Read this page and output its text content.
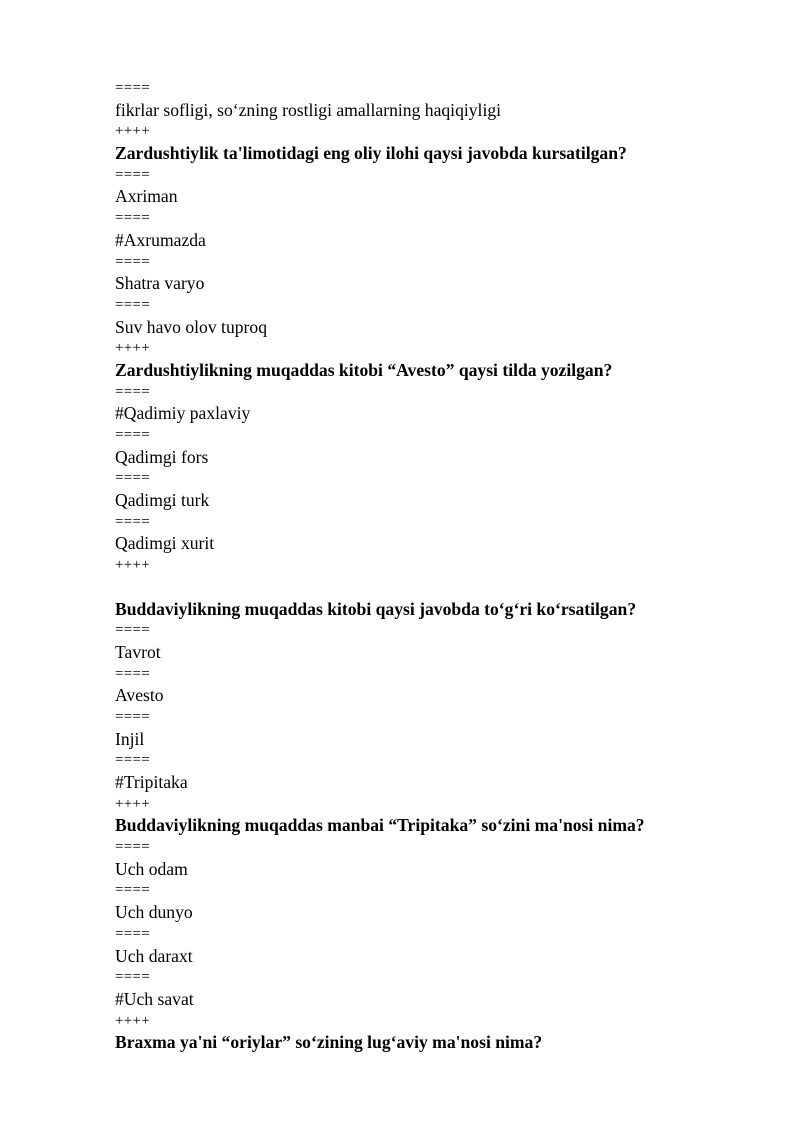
====
fikrlar sofligi, so‘zning rostligi amallarning haqiqiyligi
++++
Zardushtiylik ta'limotidagi eng oliy ilohi qaysi javobda kursatilgan?
====
Axriman
====
#Axrumazda
====
Shatra varyo
====
Suv havo olov tuproq
++++
Zardushtiylikning muqaddas kitobi “Avesto” qaysi tilda yozilgan?
====
#Qadimiy paxlaviy
====
Qadimgi fors
====
Qadimgi turk
====
Qadimgi xurit
++++
Buddaviylikning muqaddas kitobi qaysi javobda to‘g‘ri ko‘rsatilgan?
====
Tavrot
====
Avesto
====
Injil
====
#Tripitaka
++++
Buddaviylikning muqaddas manbai “Tripitaka” so‘zini ma'nosi nima?
====
Uch odam
====
Uch dunyo
====
Uch daraxt
====
#Uch savat
++++
Braxma ya'ni “oriylar” so‘zining lug‘aviy ma'nosi nima?
